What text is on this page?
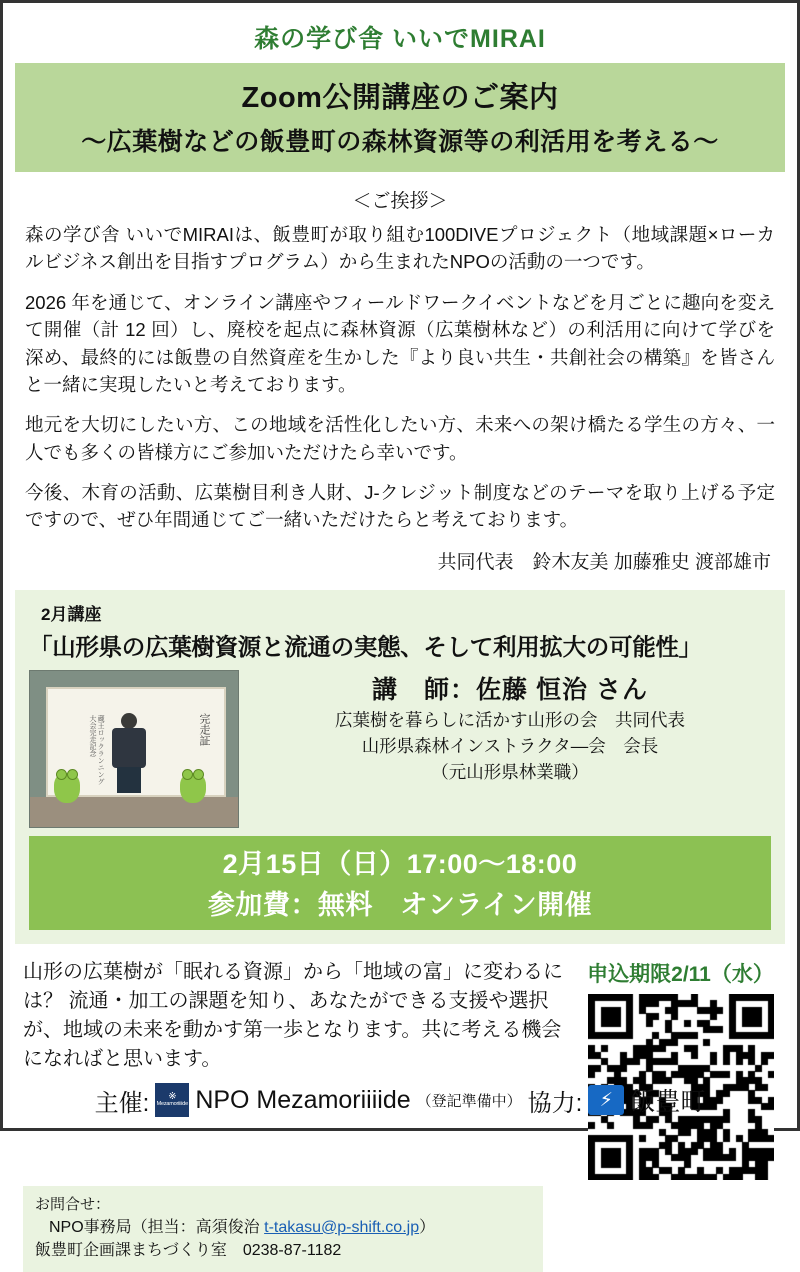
森の学び舎 いいでMIRAI
Zoom公開講座のご案内
～広葉樹などの飯豊町の森林資源等の利活用を考える～
＜ご挨拶＞

森の学び舎 いいでMIRAIは、飯豊町が取り組む100DIVEプロジェクト（地域課題×ローカルビジネス創出を目指すプログラム）から生まれたNPOの活動の一つです。

2026 年を通じて、オンライン講座やフィールドワークイベントなどを月ごとに趣向を変えて開催（計 12 回）し、廃校を起点に森林資源（広葉樹林など）の利活用に向けて学びを深め、最終的には飯豊の自然資産を生かした『より良い共生・共創社会の構築』を皆さんと一緒に実現したいと考えております。

地元を大切にしたい方、この地域を活性化したい方、未来への架け橋たる学生の方々、一人でも多くの皆様方にご参加いただけたら幸いです。

今後、木育の活動、広葉樹目利き人財、J-クレジット制度などのテーマを取り上げる予定ですので、ぜひ年間通じてご一緒いただけたらと考えております。

共同代表　鈴木友美 加藤雅史 渡部雄市
2月講座
「山形県の広葉樹資源と流通の実態、そして利用拡大の可能性」
完走証
蔵王ロックランニング大会完走記念
講　師：佐藤 恒治 さん
広葉樹を暮らしに活かす山形の会　共同代表
山形県森林インストラクタ―会　会長
（元山形県林業職）
2月15日（日）17:00～18:00
参加費：無料　オンライン開催
山形の広葉樹が「眠れる資源」から「地域の富」に変わるには？ 流通・加工の課題を知り、あなたができる支援や選択が、地域の未来を動かす第一歩となります。共に考える機会になればと思います。
申込期限2/11（水）
お問合せ：
NPO事務局（担当：高須俊治 t-takasu@p-shift.co.jp）
飯豊町企画課まちづくり室　0238-87-1182
主催: ※
Mezamoriiiide NPO Mezamoriiiide （登記準備中） 協力: ⚡ 飯豊町
